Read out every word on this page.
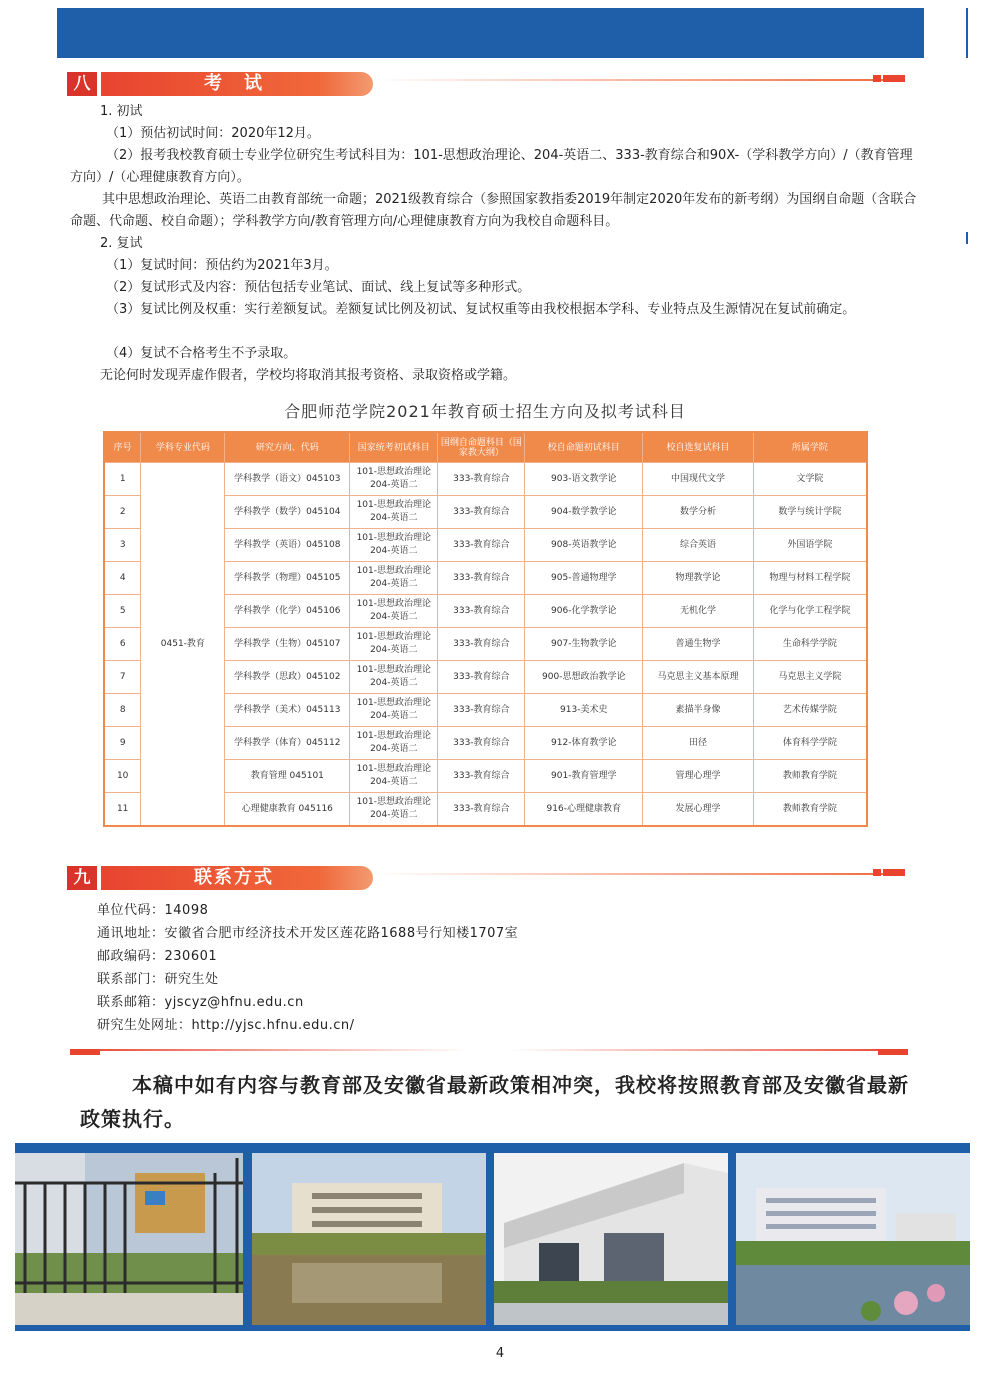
八	考　试
1. 初试
（1）预估初试时间：2020年12月。
（2）报考我校教育硕士专业学位研究生考试科目为：101-思想政治理论、204-英语二、333-教育综合和90X-（学科教学方向）/（教育管理方向）/（心理健康教育方向）。
其中思想政治理论、英语二由教育部统一命题；2021级教育综合（参照国家教指委2019年制定2020年发布的新考纲）为国纲自命题（含联合命题、代命题、校自命题）；学科教学方向/教育管理方向/心理健康教育方向为我校自命题科目。
2. 复试
（1）复试时间：预估约为2021年3月。
（2）复试形式及内容：预估包括专业笔试、面试、线上复试等多种形式。
（3）复试比例及权重：实行差额复试。差额复试比例及初试、复试权重等由我校根据本学科、专业特点及生源情况在复试前确定。
（4）复试不合格考生不予录取。
无论何时发现弄虚作假者，学校均将取消其报考资格、录取资格或学籍。
合肥师范学院2021年教育硕士招生方向及拟考试科目
序号	学科专业代码	研究方向、代码	国家统考初试科目	国纲自命题科目（国家教大纲）	校自命题初试科目	校自选复试科目	所属学院
1	0451-教育	学科教学（语文）045103	101-思想政治理论
204-英语二	333-教育综合	903-语文教学论	中国现代文学	文学院
2		学科教学（数学）045104	101-思想政治理论
204-英语二	333-教育综合	904-数学教学论	数学分析	数学与统计学院
3		学科教学（英语）045108	101-思想政治理论
204-英语二	333-教育综合	908-英语教学论	综合英语	外国语学院
4		学科教学（物理）045105	101-思想政治理论
204-英语二	333-教育综合	905-普通物理学	物理教学论	物理与材料工程学院
5		学科教学（化学）045106	101-思想政治理论
204-英语二	333-教育综合	906-化学教学论	无机化学	化学与化学工程学院
6		学科教学（生物）045107	101-思想政治理论
204-英语二	333-教育综合	907-生物教学论	普通生物学	生命科学学院
7		学科教学（思政）045102	101-思想政治理论
204-英语二	333-教育综合	900-思想政治教学论	马克思主义基本原理	马克思主义学院
8		学科教学（美术）045113	101-思想政治理论
204-英语二	333-教育综合	913-美术史	素描半身像	艺术传媒学院
9		学科教学（体育）045112	101-思想政治理论
204-英语二	333-教育综合	912-体育教学论	田径	体育科学学院
10		教育管理 045101	101-思想政治理论
204-英语二	333-教育综合	901-教育管理学	管理心理学	教师教育学院
11		心理健康教育 045116	101-思想政治理论
204-英语二	333-教育综合	916-心理健康教育	发展心理学	教师教育学院
九	联系方式
单位代码：14098
通讯地址：安徽省合肥市经济技术开发区莲花路1688号行知楼1707室
邮政编码：230601
联系部门：研究生处
联系邮箱：yjscyz@hfnu.edu.cn
研究生处网址：http://yjsc.hfnu.edu.cn/
本稿中如有内容与教育部及安徽省最新政策相冲突，我校将按照教育部及安徽省最新政策执行。
4
